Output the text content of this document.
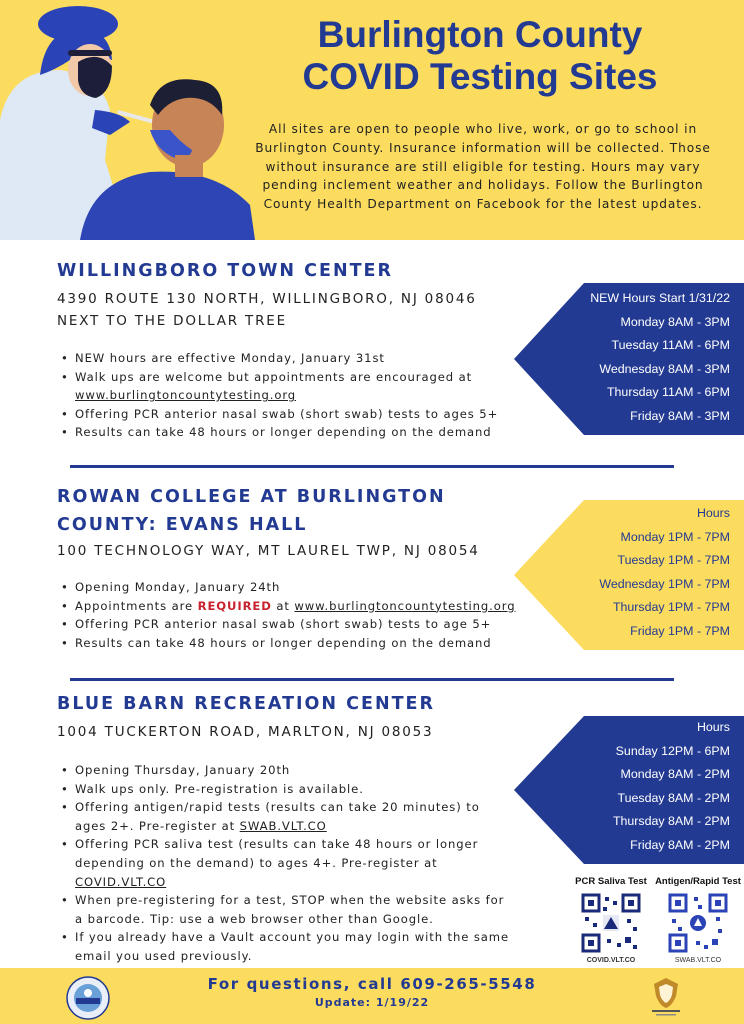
Burlington County
COVID Testing Sites
All sites are open to people who live, work, or go to school in Burlington County. Insurance information will be collected. Those without insurance are still eligible for testing. Hours may vary pending inclement weather and holidays. Follow the Burlington County Health Department on Facebook for the latest updates.
WILLINGBORO TOWN CENTER
4390 ROUTE 130 NORTH, WILLINGBORO, NJ 08046
NEXT TO THE DOLLAR TREE
• NEW hours are effective Monday, January 31st
• Walk ups are welcome but appointments are encouraged at
www.burlingtoncountytesting.org
• Offering PCR anterior nasal swab (short swab) tests to ages 5+
• Results can take 48 hours or longer depending on the demand
NEW Hours Start 1/31/22
Monday 8AM - 3PM
Tuesday 11AM - 6PM
Wednesday 8AM - 3PM
Thursday 11AM - 6PM
Friday 8AM - 3PM
ROWAN COLLEGE AT BURLINGTON
COUNTY: EVANS HALL
100 TECHNOLOGY WAY, MT LAUREL TWP, NJ 08054
• Opening Monday, January 24th
• Appointments are REQUIRED at www.burlingtoncountytesting.org
• Offering PCR anterior nasal swab (short swab) tests to age 5+
• Results can take 48 hours or longer depending on the demand
Hours
Monday 1PM - 7PM
Tuesday 1PM - 7PM
Wednesday 1PM - 7PM
Thursday 1PM - 7PM
Friday 1PM - 7PM
BLUE BARN RECREATION CENTER
1004 TUCKERTON ROAD, MARLTON, NJ 08053
• Opening Thursday, January 20th
• Walk ups only. Pre-registration is available.
• Offering antigen/rapid tests (results can take 20 minutes) to
ages 2+. Pre-register at SWAB.VLT.CO
• Offering PCR saliva test (results can take 48 hours or longer
depending on the demand) to ages 4+. Pre-register at
COVID.VLT.CO
• When pre-registering for a test, STOP when the website asks for
a barcode. Tip: use a web browser other than Google.
• If you already have a Vault account you may login with the same
email you used previously.
Hours
Sunday 12PM - 6PM
Monday 8AM - 2PM
Tuesday 8AM - 2PM
Thursday 8AM - 2PM
Friday 8AM - 2PM
PCR Saliva Test
COVID.VLT.CO
Antigen/Rapid Test
SWAB.VLT.CO
For questions, call 609-265-5548
Update: 1/19/22
